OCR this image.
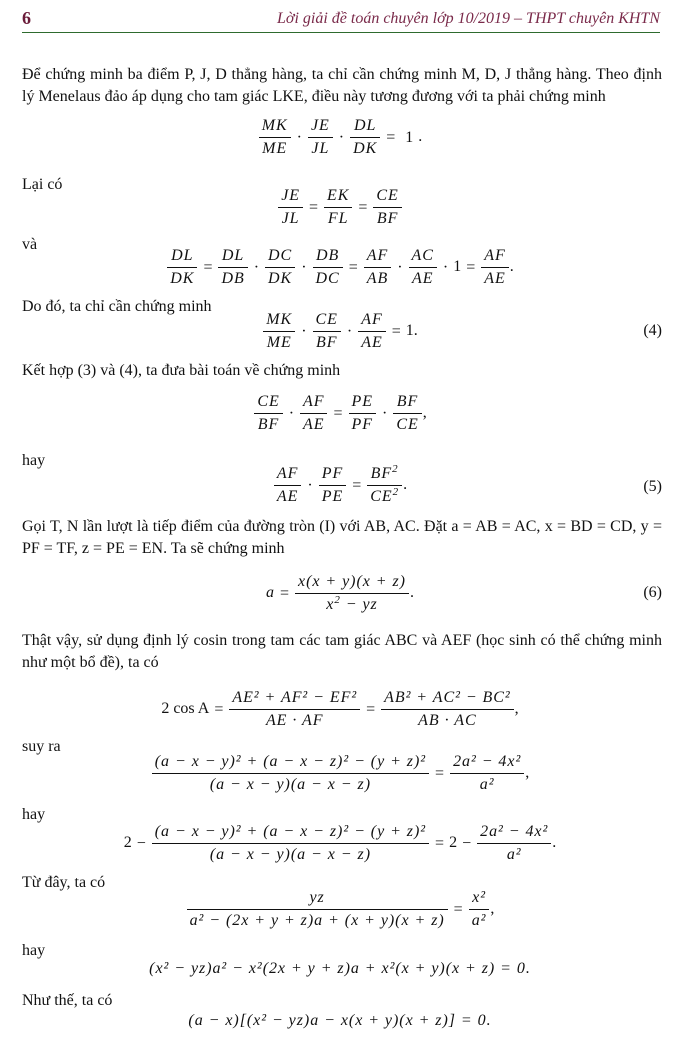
6	Lời giải đề toán chuyên lớp 10/2019 – THPT chuyên KHTN
Để chứng minh ba điểm P, J, D thẳng hàng, ta chỉ cần chứng minh M, D, J thẳng hàng. Theo định lý Menelaus đảo áp dụng cho tam giác LKE, điều này tương đương với ta phải chứng minh
$\frac{MK}{ME} \cdot \frac{JE}{JL} \cdot \frac{DL}{DK} = 1$ .
Lại có
$\frac{JE}{JL} = \frac{EK}{FL} = \frac{CE}{BF}$
và
$\frac{DL}{DK} = \frac{DL}{DB} \cdot \frac{DC}{DK} \cdot \frac{DB}{DC} = \frac{AF}{AB} \cdot \frac{AC}{AE} \cdot 1 = \frac{AF}{AE}$ .
Do đó, ta chỉ cần chứng minh
$\frac{MK}{ME} \cdot \frac{CE}{BF} \cdot \frac{AF}{AE} = 1$.	(4)
Kết hợp (3) và (4), ta đưa bài toán về chứng minh
$\frac{CE}{BF} \cdot \frac{AF}{AE} = \frac{PE}{PF} \cdot \frac{BF}{CE}$ ,
hay
$\frac{AF}{AE} \cdot \frac{PF}{PE} = \frac{BF^2}{CE^2}$ .	(5)
Gọi T, N lần lượt là tiếp điểm của đường tròn (I) với AB, AC. Đặt a = AB = AC, x = BD = CD, y = PF = TF, z = PE = EN. Ta sẽ chứng minh
$a = \frac{x(x + y)(x + z)}{x^2 - yz}$ .	(6)
Thật vậy, sử dụng định lý cosin trong tam các tam giác ABC và AEF (học sinh có thể chứng minh như một bổ đề), ta có
2 $\cos A = \frac{\text{AE² + AF² − EF²}}{AE \cdot AF} = \frac{\text{AB² + AC² − BC²}}{AB \cdot AC}$ ,
suy ra
$\frac{\text{(a − x − y)² + (a − x − z)² − (y + z)²}}{(a - x - y)(a - x - z)} = \frac{\text{2a² − 4x²}}{\text{a²}}$ ,
hay
$2 - \frac{\text{(a − x − y)² + (a − x − z)² − (y + z)²}}{(a - x - y)(a - x - z)} = 2 - \frac{\text{2a² − 4x²}}{\text{a²}}$ .
Từ đây, ta có
$\frac{yz}{\text{a² − (2x + y + z)a + (x + y)(x + z)}} = \frac{\text{x²}}{\text{a²}}$ ,
hay
(x² − yz)a² − x²(2x + y + z)a + x²(x + y)(x + z) = 0.
Như thế, ta có
(a − x)[(x² − yz)a − x(x + y)(x + z)] = 0.
